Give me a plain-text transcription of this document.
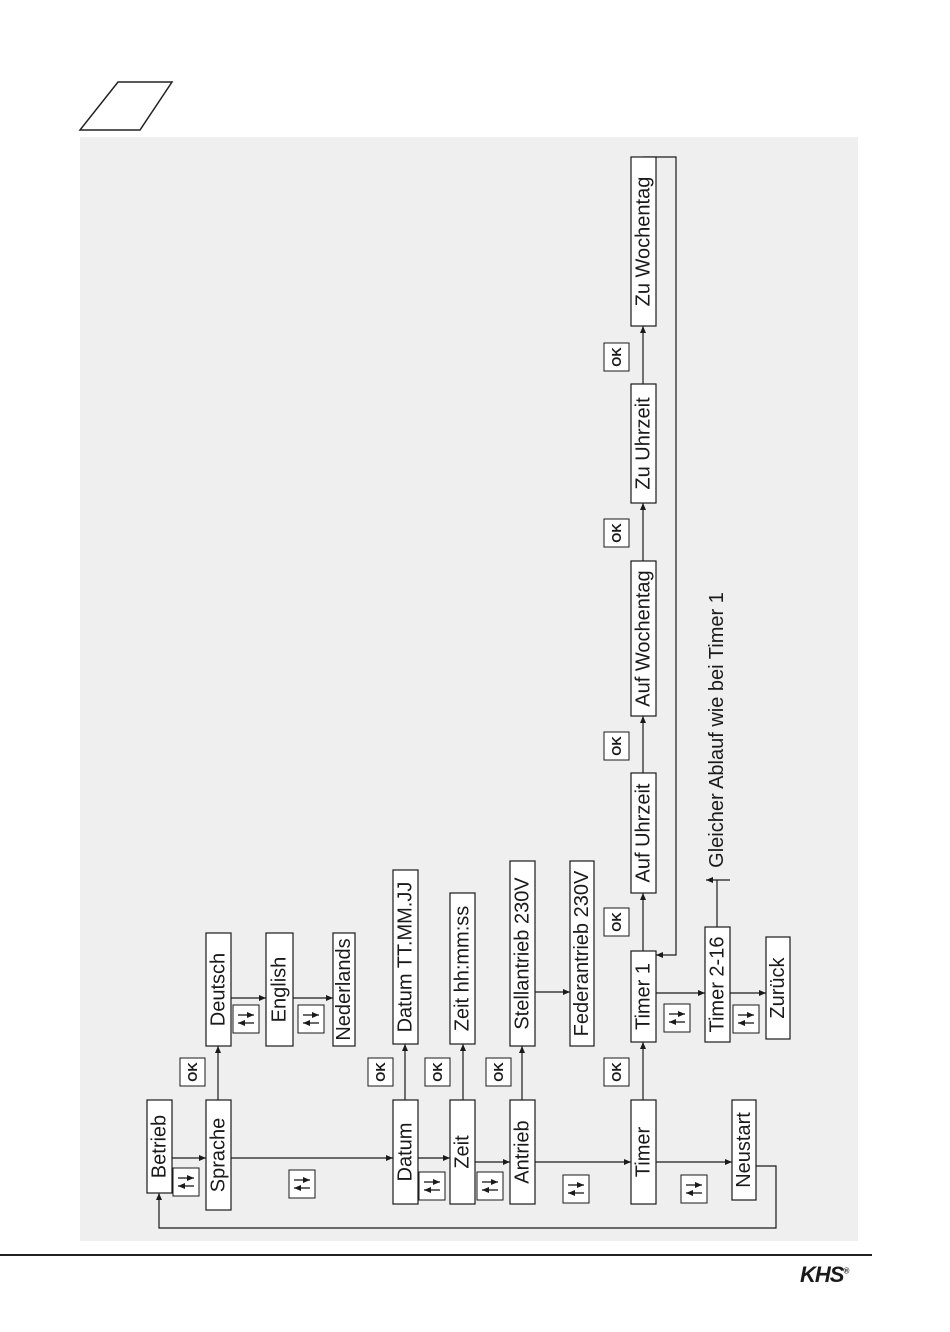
OK	OK	OK	OK	OK
OK
OK
OK
OK
Betrieb Sprache
Deutsch English Nederlands
Datum
Datum TT.MM.JJ
Zeit
Zeit hh:mm:ss
Antrieb
Stellantrieb 230V Federantrieb 230V
Timer
Timer 1	Timer 2-16 Zurück
Auf Uhrzeit
Auf Wochentag
Zu Uhrzeit
Zu Wochentag
Neustart
Gleicher Ablauf wie bei Timer 1
KHS®
